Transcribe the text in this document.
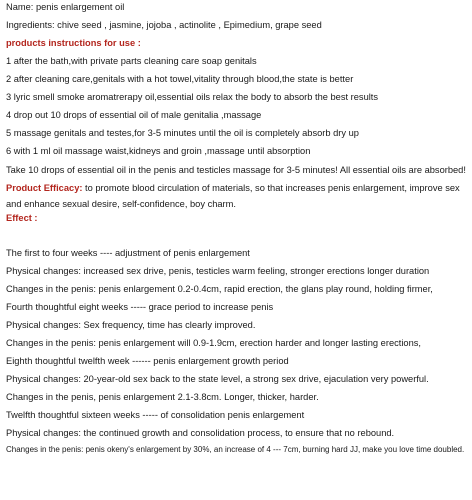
Name: penis enlargement oil
Ingredients: chive seed , jasmine, jojoba , actinolite , Epimedium, grape seed
products instructions for use :
1 after the bath,with private parts cleaning care soap genitals
2 after cleaning care,genitals with a hot towel,vitality through blood,the state is better
3 lyric smell smoke aromatrerapy oil,essential oils relax the body to absorb the best results
4 drop out 10 drops of essential oil of male genitalia ,massage
5 massage genitals and testes,for 3-5 minutes until the oil is completely absorb dry up
6 with 1 ml oil massage waist,kidneys and groin ,massage until absorption
Take 10 drops of essential oil in the penis and testicles massage for 3-5 minutes! All essential oils are absorbed!
Product Efficacy: to promote blood circulation of materials, so that increases penis enlargement, improve sex and enhance sexual desire, self-confidence, boy charm.
Effect :
The first to four weeks ---- adjustment of penis enlargement
Physical changes: increased sex drive, penis, testicles warm feeling, stronger erections longer duration
Changes in the penis: penis enlargement 0.2-0.4cm, rapid erection, the glans play round, holding firmer,
Fourth thoughtful eight weeks ----- grace period to increase penis
Physical changes: Sex frequency, time has clearly improved.
Changes in the penis: penis enlargement will 0.9-1.9cm, erection harder and longer lasting erections,
Eighth thoughtful twelfth week ------ penis enlargement growth period
Physical changes: 20-year-old sex back to the state level, a strong sex drive, ejaculation very powerful.
Changes in the penis, penis enlargement 2.1-3.8cm. Longer, thicker, harder.
Twelfth thoughtful sixteen weeks ----- of consolidation penis enlargement
Physical changes: the continued growth and consolidation process, to ensure that no rebound.
Changes in the penis: penis okeny's enlargement by 30%, an increase of 4 --- 7cm, burning hard JJ, make you love time doubled.
